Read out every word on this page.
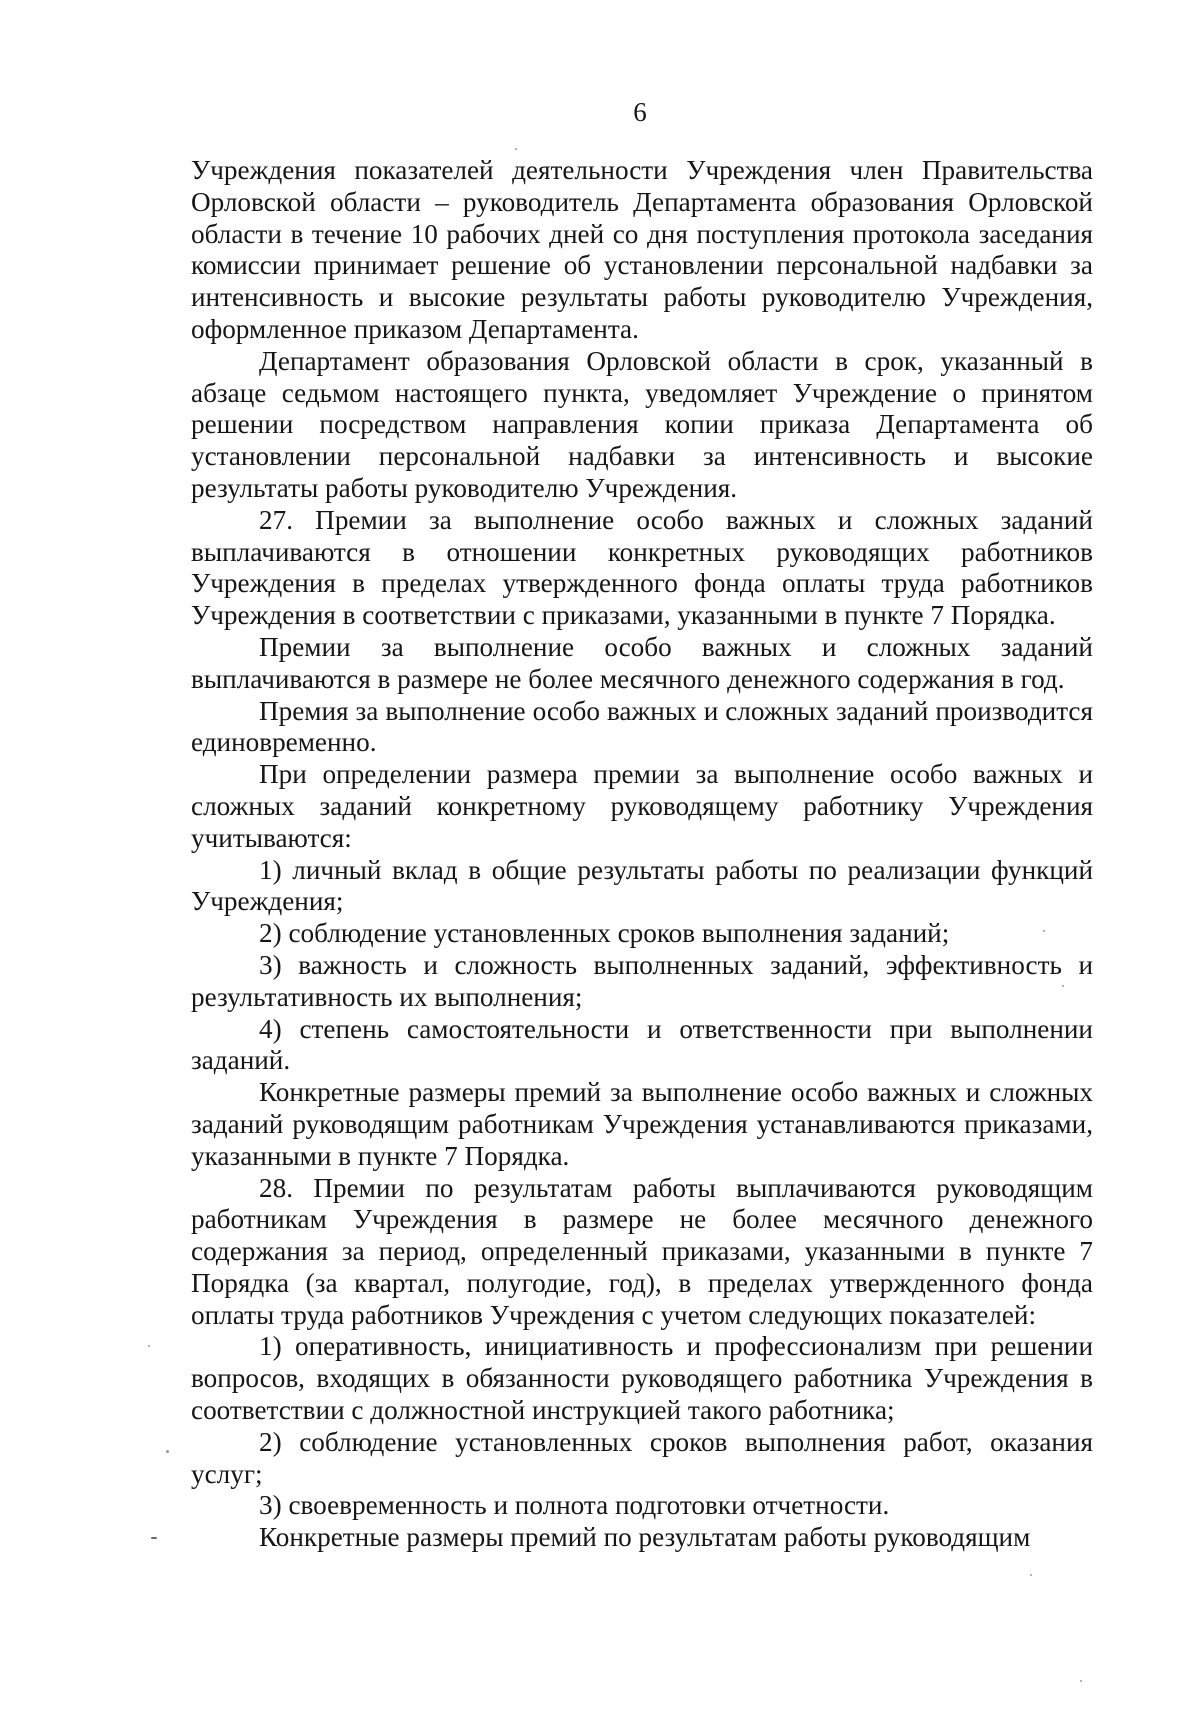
6

Учреждения показателей деятельности Учреждения член Правительства Орловской области – руководитель Департамента образования Орловской области в течение 10 рабочих дней со дня поступления протокола заседания комиссии принимает решение об установлении персональной надбавки за интенсивность и высокие результаты работы руководителю Учреждения, оформленное приказом Департамента.

Департамент образования Орловской области в срок, указанный в абзаце седьмом настоящего пункта, уведомляет Учреждение о принятом решении посредством направления копии приказа Департамента об установлении персональной надбавки за интенсивность и высокие результаты работы руководителю Учреждения.

27. Премии за выполнение особо важных и сложных заданий выплачиваются в отношении конкретных руководящих работников Учреждения в пределах утвержденного фонда оплаты труда работников Учреждения в соответствии с приказами, указанными в пункте 7 Порядка.

Премии за выполнение особо важных и сложных заданий выплачиваются в размере не более месячного денежного содержания в год.

Премия за выполнение особо важных и сложных заданий производится единовременно.

При определении размера премии за выполнение особо важных и сложных заданий конкретному руководящему работнику Учреждения учитываются:

1) личный вклад в общие результаты работы по реализации функций Учреждения;

2) соблюдение установленных сроков выполнения заданий;

3) важность и сложность выполненных заданий, эффективность и результативность их выполнения;

4) степень самостоятельности и ответственности при выполнении заданий.

Конкретные размеры премий за выполнение особо важных и сложных заданий руководящим работникам Учреждения устанавливаются приказами, указанными в пункте 7 Порядка.

28. Премии по результатам работы выплачиваются руководящим работникам Учреждения в размере не более месячного денежного содержания за период, определенный приказами, указанными в пункте 7 Порядка (за квартал, полугодие, год), в пределах утвержденного фонда оплаты труда работников Учреждения с учетом следующих показателей:

1) оперативность, инициативность и профессионализм при решении вопросов, входящих в обязанности руководящего работника Учреждения в соответствии с должностной инструкцией такого работника;

2) соблюдение установленных сроков выполнения работ, оказания услуг;

3) своевременность и полнота подготовки отчетности.

Конкретные размеры премий по результатам работы руководящим
